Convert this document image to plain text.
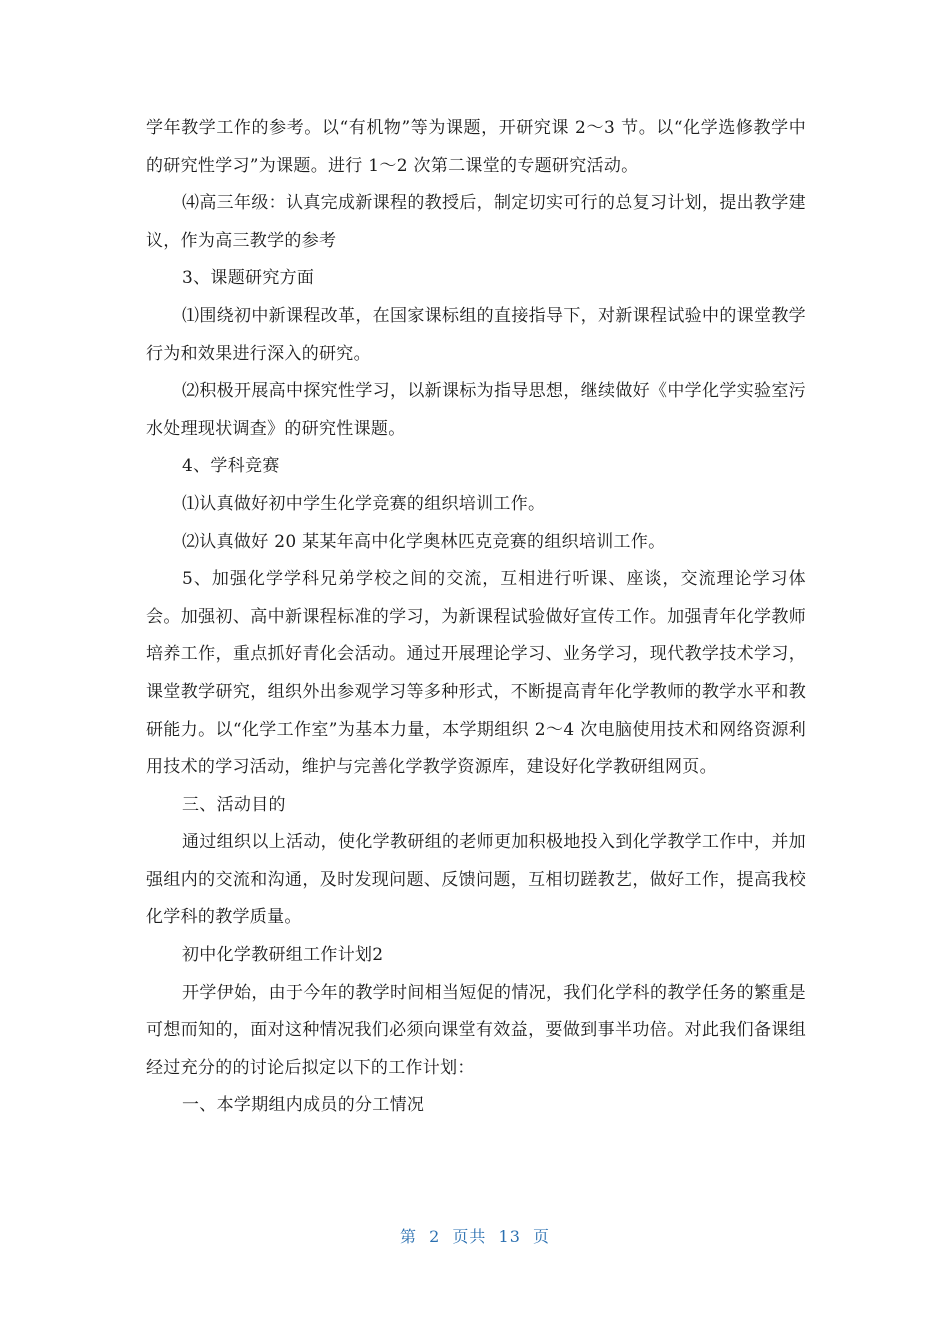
学年教学工作的参考。以“有机物”等为课题，开研究课 2～3 节。以“化学选修教学中的研究性学习”为课题。进行 1～2 次第二课堂的专题研究活动。

⑷高三年级：认真完成新课程的教授后，制定切实可行的总复习计划，提出教学建议，作为高三教学的参考

3、课题研究方面

⑴围绕初中新课程改革，在国家课标组的直接指导下，对新课程试验中的课堂教学行为和效果进行深入的研究。

⑵积极开展高中探究性学习，以新课标为指导思想，继续做好《中学化学实验室污水处理现状调查》的研究性课题。

4、学科竞赛

⑴认真做好初中学生化学竞赛的组织培训工作。

⑵认真做好 20 某某年高中化学奥林匹克竞赛的组织培训工作。

5、加强化学学科兄弟学校之间的交流，互相进行听课、座谈，交流理论学习体会。加强初、高中新课程标准的学习，为新课程试验做好宣传工作。加强青年化学教师培养工作，重点抓好青化会活动。通过开展理论学习、业务学习，现代教学技术学习，课堂教学研究，组织外出参观学习等多种形式，不断提高青年化学教师的教学水平和教研能力。以“化学工作室”为基本力量，本学期组织 2～4 次电脑使用技术和网络资源利用技术的学习活动，维护与完善化学教学资源库，建设好化学教研组网页。

三、活动目的

通过组织以上活动，使化学教研组的老师更加积极地投入到化学教学工作中，并加强组内的交流和沟通，及时发现问题、反馈问题，互相切蹉教艺，做好工作，提高我校化学科的教学质量。

初中化学教研组工作计划2

开学伊始，由于今年的教学时间相当短促的情况，我们化学科的教学任务的繁重是可想而知的，面对这种情况我们必须向课堂有效益，要做到事半功倍。对此我们备课组经过充分的的讨论后拟定以下的工作计划：

一、本学期组内成员的分工情况

第 2 页共 13 页
